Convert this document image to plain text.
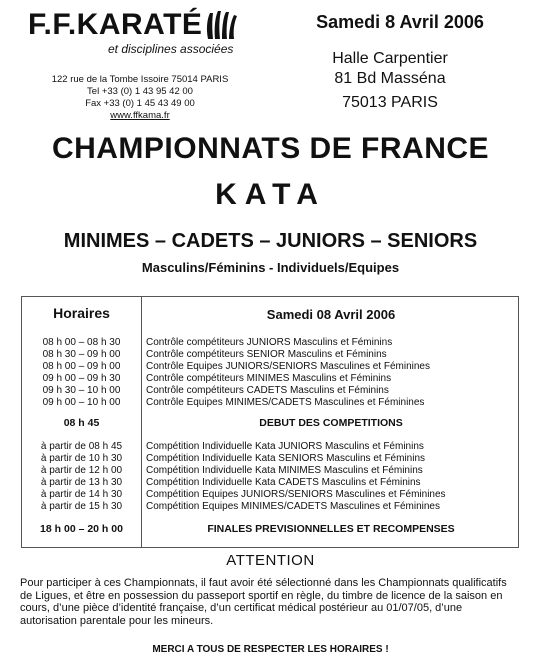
F.F.KARATÉ
et disciplines associées
122 rue de la Tombe Issoire 75014 PARIS
Tel +33 (0) 1 43 95 42 00
Fax +33 (0) 1 45 43 49 00
www.ffkama.fr
Samedi 8 Avril 2006
Halle Carpentier
81 Bd Masséna
75013 PARIS
CHAMPIONNATS DE FRANCE
KATA
MINIMES – CADETS – JUNIORS – SENIORS
Masculins/Féminins - Individuels/Equipes
Horaires	Samedi 08 Avril 2006
08 h 00 – 08 h 30	Contrôle compétiteurs JUNIORS Masculins et Féminins
08 h 30 – 09 h 00	Contrôle compétiteurs SENIOR Masculins et Féminins
08 h 00 – 09 h 00	Contrôle Equipes JUNIORS/SENIORS Masculines et Féminines
09 h 00 – 09 h 30	Contrôle compétiteurs MINIMES Masculins et Féminins
09 h 30 – 10 h 00	Contrôle compétiteurs CADETS Masculins et Féminins
09 h 00 – 10 h 00	Contrôle Equipes MINIMES/CADETS Masculines et Féminines
08 h 45	DEBUT DES COMPETITIONS
à partir de 08 h 45	Compétition Individuelle Kata JUNIORS Masculins et Féminins
à partir de 10 h 30	Compétition Individuelle Kata SENIORS Masculins et Féminins
à partir de 12 h 00	Compétition Individuelle Kata MINIMES Masculins et Féminins
à partir de 13 h 30	Compétition Individuelle Kata CADETS Masculins et Féminins
à partir de 14 h 30	Compétition Equipes JUNIORS/SENIORS Masculines et Féminines
à partir de 15 h 30	Compétition Equipes MINIMES/CADETS Masculines et Féminines
18 h 00 – 20 h 00	FINALES PREVISIONNELLES ET RECOMPENSES
ATTENTION
Pour participer à ces Championnats, il faut avoir été sélectionné dans les Championnats qualificatifs de Ligues, et être en possession du passeport sportif en règle, du timbre de licence de la saison en cours, d’une pièce d’identité française, d’un certificat médical postérieur au 01/07/05, d’une autorisation parentale pour les mineurs.
MERCI A TOUS DE RESPECTER LES HORAIRES !
